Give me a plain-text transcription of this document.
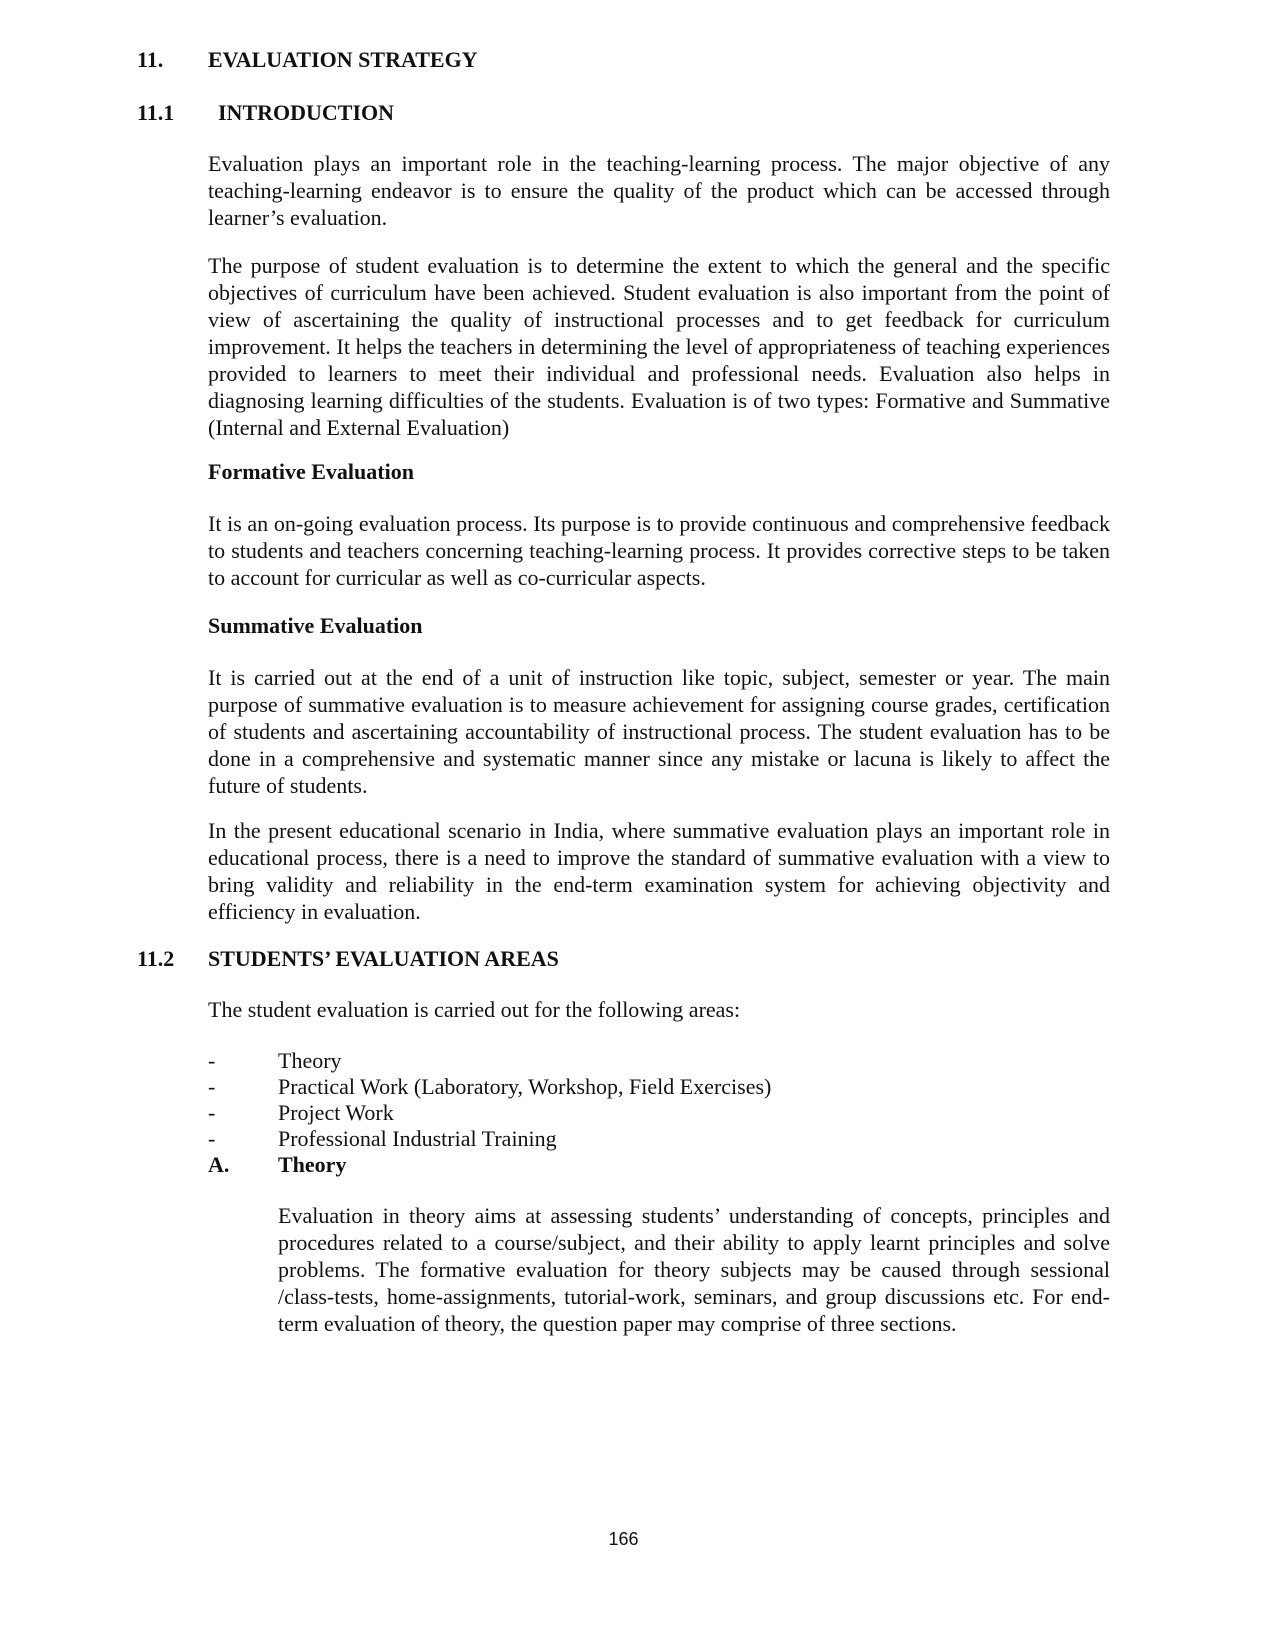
11. EVALUATION STRATEGY
11.1 INTRODUCTION

Evaluation plays an important role in the teaching-learning process. The major objective of any teaching-learning endeavor is to ensure the quality of the product which can be accessed through learner’s evaluation.

The purpose of student evaluation is to determine the extent to which the general and the specific objectives of curriculum have been achieved. Student evaluation is also important from the point of view of ascertaining the quality of instructional processes and to get feedback for curriculum improvement. It helps the teachers in determining the level of appropriateness of teaching experiences provided to learners to meet their individual and professional needs. Evaluation also helps in diagnosing learning difficulties of the students. Evaluation is of two types: Formative and Summative (Internal and External Evaluation)

Formative Evaluation

It is an on-going evaluation process. Its purpose is to provide continuous and comprehensive feedback to students and teachers concerning teaching-learning process. It provides corrective steps to be taken to account for curricular as well as co-curricular aspects.

Summative Evaluation

It is carried out at the end of a unit of instruction like topic, subject, semester or year. The main purpose of summative evaluation is to measure achievement for assigning course grades, certification of students and ascertaining accountability of instructional process. The student evaluation has to be done in a comprehensive and systematic manner since any mistake or lacuna is likely to affect the future of students.

In the present educational scenario in India, where summative evaluation plays an important role in educational process, there is a need to improve the standard of summative evaluation with a view to bring validity and reliability in the end-term examination system for achieving objectivity and efficiency in evaluation.

11.2 STUDENTS’ EVALUATION AREAS

The student evaluation is carried out for the following areas:

-	Theory
-	Practical Work (Laboratory, Workshop, Field Exercises)
-	Project Work
-	Professional Industrial Training
A. Theory

Evaluation in theory aims at assessing students’ understanding of concepts, principles and procedures related to a course/subject, and their ability to apply learnt principles and solve problems. The formative evaluation for theory subjects may be caused through sessional /class-tests, home-assignments, tutorial-work, seminars, and group discussions etc. For end-term evaluation of theory, the question paper may comprise of three sections.

166
